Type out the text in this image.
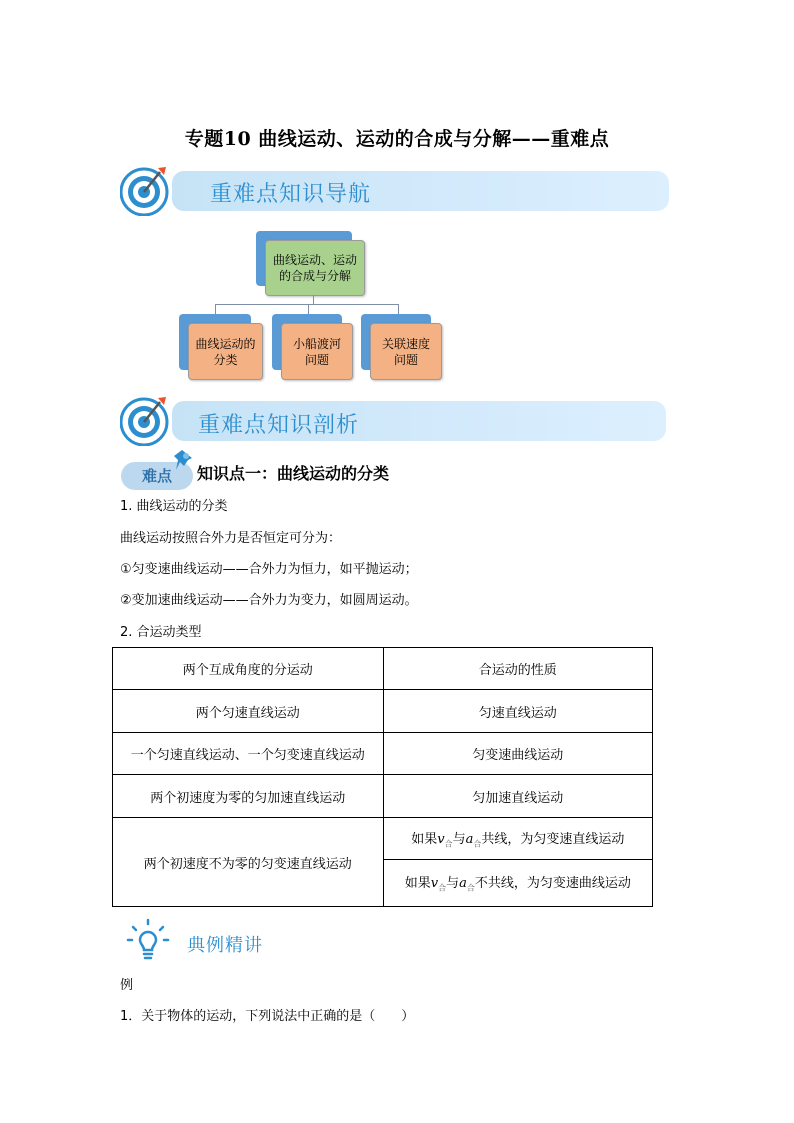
专题10 曲线运动、运动的合成与分解——重难点
重难点知识导航
曲线运动、运动的合成与分解
曲线运动的分类
小船渡河问题
关联速度问题
重难点知识剖析
难点	知识点一：曲线运动的分类
1. 曲线运动的分类
曲线运动按照合外力是否恒定可分为：
①匀变速曲线运动——合外力为恒力，如平抛运动；
②变加速曲线运动——合外力为变力，如圆周运动。
2. 合运动类型
两个互成角度的分运动	合运动的性质
两个匀速直线运动	匀速直线运动
一个匀速直线运动、一个匀变速直线运动	匀变速曲线运动
两个初速度为零的匀加速直线运动	匀加速直线运动
两个初速度不为零的匀变速直线运动	如果$v_合$与$a_合$共线，为匀变速直线运动
	如果$v_合$与$a_合$不共线，为匀变速曲线运动
典例精讲
例
1．关于物体的运动，下列说法中正确的是（　　）
